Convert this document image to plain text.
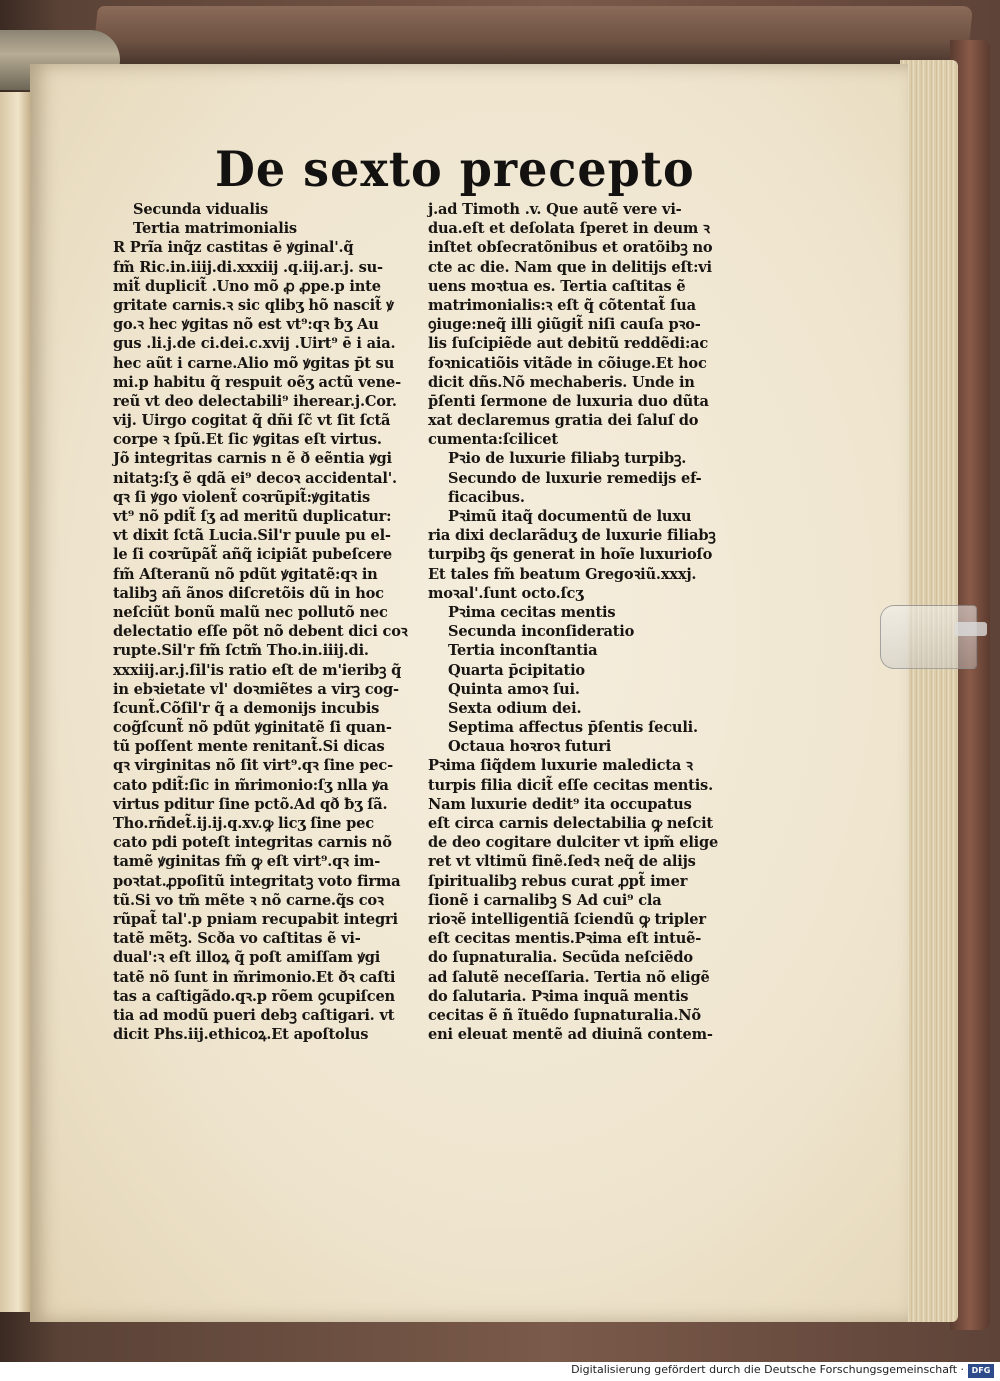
De sexto precepto
Secunda vidualis
Tertia matrimonialis
R Prĩa inq̃z castitas ē ꝟginal'.q̃
fm̃ Ric.in.iiij.di.xxxiij .q.iij.ar.j. su-
mit̃ duplicit̃ .Uno mõ ꝓ ꝓpe.p inte
gritate carnis.ꝛ sic qlibʒ hõ nascit̃ ꝟ
go.ꝛ hec ꝟgitas nõ est vt⁹:qꝛ ƀʒ Au
gus .li.j.de ci.dei.c.xvij .Uirt⁹ ē i aia.
hec aũt i carne.Alio mõ ꝟgitas p̄t su
mi.p habitu q̃ respuit oẽʒ actũ vene-
reũ vt deo delectabili⁹ iherear.j.Cor.
vij. Uirgo cogitat q̃ dñi ſc̃ vt ſit ſctã
corpe ꝛ ſpũ.Et ſic ꝟgitas eſt virtus.
Jõ integritas carnis n ẽ ð eẽntia ꝟgi
nitatꝫ:ſʒ ẽ qdã ei⁹ decoꝛ accidental'.
qꝛ ſi ꝟgo violent̃ coꝛrũpit̃:ꝟgitatis
vt⁹ nõ pdit̃ ſʒ ad meritũ duplicatur:
vt dixit ſctã Lucia.Sil'r puule pu el-
le ſi coꝛrũpãt̃ añq̃ icipiãt pubeſcere
fm̃ Aſteranũ nõ pdũt ꝟgitatẽ:qꝛ in
talibꝫ añ ãnos diſcretõis dũ in hoc
neſciũt bonũ malũ nec pollutõ nec
delectatio eſſe põt nõ debent dici coꝛ
rupte.Sil'r fm̃ ſctm̃ Tho.in.iiij.di.
xxxiij.ar.j.ſil'is ratio eſt de m'ieribꝫ q̃
in ebꝛietate vl' doꝛmiẽtes a virꝫ cog-
ſcunt̃.Cõſil'r q̃ a demonijs incubis
cog̃ſcunt̃ nõ pdũt ꝟginitatẽ ſi quan-
tũ poſſent mente renitant̃.Si dicas
qꝛ virginitas nõ ſit virt⁹.qꝛ ſine pec-
cato pdit̃:ſic in m̃rimonio:ſʒ nlla ꝟa
virtus pditur ſine pctõ.Ad qð ƀʒ ſã.
Tho.rñdet̃.ij.ij.q.xv.ꝙ licʒ ſine pec
cato pdi poteſt integritas carnis nõ
tamẽ ꝟginitas fm̃ ꝙ eſt virt⁹.qꝛ im-
poꝛtat.ꝓpoſitũ integritatꝫ voto firma
tũ.Si vo tm̃ mẽte ꝛ nõ carne.q̃s coꝛ
rũpat̃ tal'.p pniam recupabit integri
tatẽ mẽtꝫ. Scða vo caſtitas ẽ vi-
dual':ꝛ eſt illoꝝ q̃ poſt amiſſam ꝟgi
tatẽ nõ ſunt in m̃rimonio.Et ðꝛ caſti
tas a caſtigãdo.qꝛ.p rõem ꝯcupiſcen
tia ad modũ pueri debꝫ caſtigari. vt
dicit Phs.iij.ethicoꝝ.Et apoſtolus
j.ad Timoth .v. Que autẽ vere vi-
dua.eſt et deſolata ſperet in deum ꝛ
inſtet obſecratõnibus et oratõibꝫ no
cte ac die. Nam que in delitijs eſt:vi
uens moꝛtua es. Tertia caſtitas ẽ
matrimonialis:ꝛ eſt q̃ cõtentat̃ ſua
ꝯiuge:neq̃ illi ꝯiũgit̃ niſi cauſa pꝛo-
lis ſuſcipiẽde aut debitũ reddẽdi:ac
foꝛnicatiõis vitãde in cõiuge.Et hoc
dicit dñs.Nõ mechaberis. Unde in
p̄ſenti ſermone de luxuria duo dũta
xat declaremus gratia dei ſaluſ do
cumenta:ſcilicet
Pꝛio de luxurie filiabꝫ turpibꝫ.
Secundo de luxurie remedijs ef-
ficacibus.
Pꝛimũ itaq̃ documentũ de luxu
ria dixi declarãduʒ de luxurie filiabꝫ
turpibꝫ q̃s generat in hoĩe luxurioſo
Et tales fm̃ beatum Gregoꝛiũ.xxxj.
moꝛal'.ſunt octo.ſcʒ
Pꝛima cecitas mentis
Secunda inconſideratio
Tertia inconſtantia
Quarta p̄cipitatio
Quinta amoꝛ ſui.
Sexta odium dei.
Septima affectus p̄ſentis ſeculi.
Octaua hoꝛroꝛ futuri
Pꝛima ſiq̃dem luxurie maledicta ꝛ
turpis filia dicit̃ eſſe cecitas mentis.
Nam luxurie dedit⁹ ita occupatus
eſt circa carnis delectabilia ꝙ neſcit
de deo cogitare dulciter vt ipm̃ elige
ret vt vltimũ finẽ.ſedꝛ neq̃ de alijs
ſpiritualibꝫ rebus curat ꝓpt̃ imer
ſionẽ i carnalibꝫ S Ad cui⁹ cla
rioꝛẽ intelligentiã ſciendũ ꝙ tripler
eſt cecitas mentis.Pꝛima eſt intuẽ-
do ſupnaturalia. Secũda neſciẽdo
ad ſalutẽ neceſſaria. Tertia nõ eligẽ
do ſalutaria. Pꝛima inquã mentis
cecitas ẽ ñ ĩtuẽdo ſupnaturalia.Nõ
eni eleuat mentẽ ad diuinã contem-
Digitalisierung gefördert durch die Deutsche Forschungsgemeinschaft · DFG
